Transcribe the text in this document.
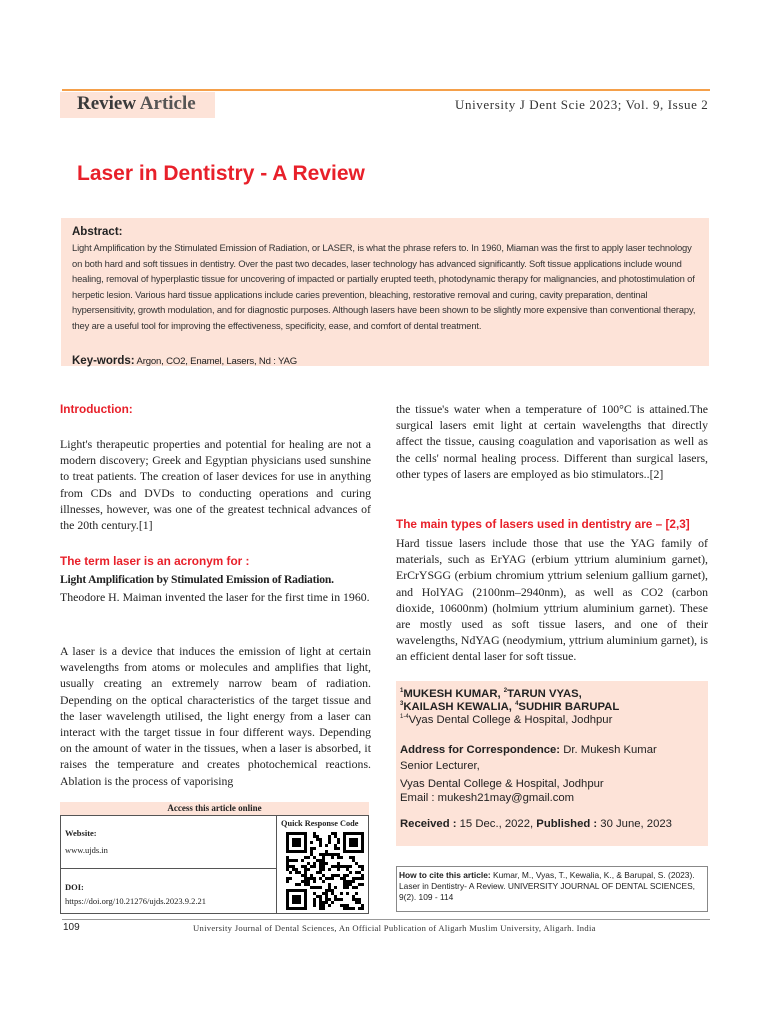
Review Article	University J Dent Scie 2023; Vol. 9, Issue 2
Laser in Dentistry - A Review
Abstract:
Light Amplification by the Stimulated Emission of Radiation, or LASER, is what the phrase refers to. In 1960, Miaman was the first to apply laser technology on both hard and soft tissues in dentistry. Over the past two decades, laser technology has advanced significantly. Soft tissue applications include wound healing, removal of hyperplastic tissue for uncovering of impacted or partially erupted teeth, photodynamic therapy for malignancies, and photostimulation of herpetic lesion. Various hard tissue applications include caries prevention, bleaching, restorative removal and curing, cavity preparation, dentinal hypersensitivity, growth modulation, and for diagnostic purposes. Although lasers have been shown to be slightly more expensive than conventional therapy, they are a useful tool for improving the effectiveness, specificity, ease, and comfort of dental treatment.
Key-words: Argon, CO2, Enamel, Lasers, Nd : YAG
Introduction:
Light's therapeutic properties and potential for healing are not a modern discovery; Greek and Egyptian physicians used sunshine to treat patients. The creation of laser devices for use in anything from CDs and DVDs to conducting operations and curing illnesses, however, was one of the greatest technical advances of the 20th century.[1]
The term laser is an acronym for :
Light Amplification by Stimulated Emission of Radiation.
Theodore H. Maiman invented the laser for the first time in 1960.
A laser is a device that induces the emission of light at certain wavelengths from atoms or molecules and amplifies that light, usually creating an extremely narrow beam of radiation. Depending on the optical characteristics of the target tissue and the laser wavelength utilised, the light energy from a laser can interact with the target tissue in four different ways. Depending on the amount of water in the tissues, when a laser is absorbed, it raises the temperature and creates photochemical reactions. Ablation is the process of vaporising
the tissue's water when a temperature of 100°C is attained.The surgical lasers emit light at certain wavelengths that directly affect the tissue, causing coagulation and vaporisation as well as the cells' normal healing process. Different than surgical lasers, other types of lasers are employed as bio stimulators..[2]
The main types of lasers used in dentistry are – [2,3]
Hard tissue lasers include those that use the YAG family of materials, such as ErYAG (erbium yttrium aluminium garnet), ErCrYSGG (erbium chromium yttrium selenium gallium garnet), and HolYAG (2100nm–2940nm), as well as CO2 (carbon dioxide, 10600nm) (holmium yttrium aluminium garnet). These are mostly used as soft tissue lasers, and one of their wavelengths, NdYAG (neodymium, yttrium aluminium garnet), is an efficient dental laser for soft tissue.
Access this article online
Website:
www.ujds.in
DOI:
https://doi.org/10.21276/ujds.2023.9.2.21
Quick Response Code
$^1$MUKESH KUMAR, $^2$TARUN VYAS,
$^3$KAILASH KEWALIA, $^4$SUDHIR BARUPAL
$^{1-4}$Vyas Dental College & Hospital, Jodhpur
Address for Correspondence: Dr. Mukesh Kumar
Senior Lecturer,
Vyas Dental College & Hospital, Jodhpur
Email : mukesh21may@gmail.com
Received : 15 Dec., 2022, Published : 30 June, 2023
How to cite this article: Kumar, M., Vyas, T., Kewalia, K., & Barupal, S. (2023). Laser in Dentistry- A Review. UNIVERSITY JOURNAL OF DENTAL SCIENCES, 9(2). 109 - 114
109	University Journal of Dental Sciences, An Official Publication of Aligarh Muslim University, Aligarh. India
